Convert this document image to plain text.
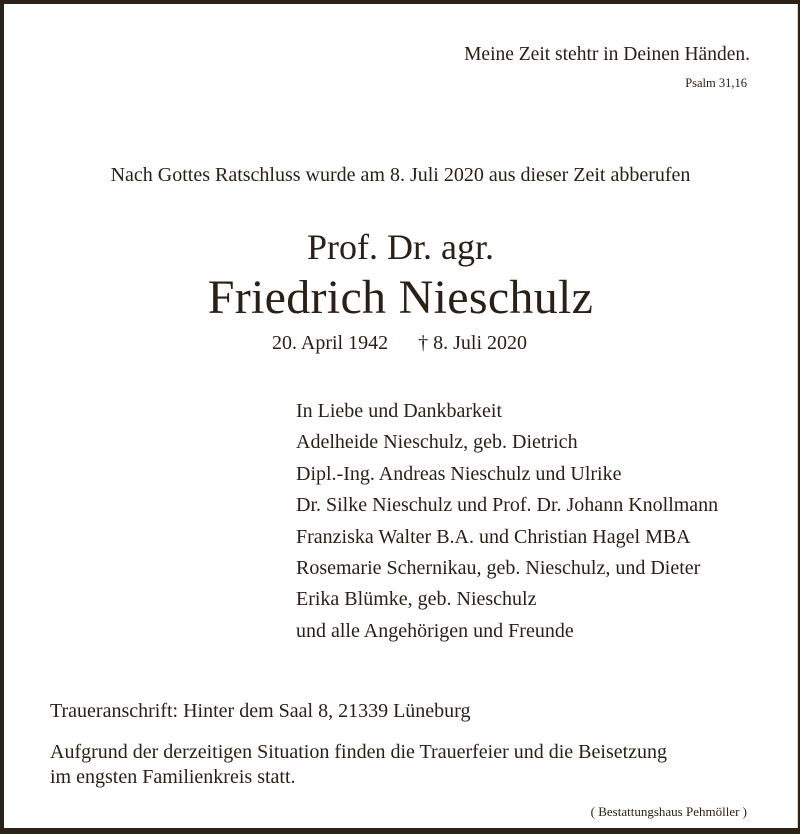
Meine Zeit stehtr in Deinen Händen.
Psalm 31,16
Nach Gottes Ratschluss wurde am 8. Juli 2020 aus dieser Zeit abberufen
Prof. Dr. agr.
Friedrich Nieschulz
20. April 1942 † 8. Juli 2020
In Liebe und Dankbarkeit
Adelheide Nieschulz, geb. Dietrich
Dipl.-Ing. Andreas Nieschulz und Ulrike
Dr. Silke Nieschulz und Prof. Dr. Johann Knollmann
Franziska Walter B.A. und Christian Hagel MBA
Rosemarie Schernikau, geb. Nieschulz, und Dieter
Erika Blümke, geb. Nieschulz
und alle Angehörigen und Freunde
Traueranschrift: Hinter dem Saal 8, 21339 Lüneburg
Aufgrund der derzeitigen Situation finden die Trauerfeier und die Beisetzung
im engsten Familienkreis statt.
( Bestattungshaus Pehmöller )
